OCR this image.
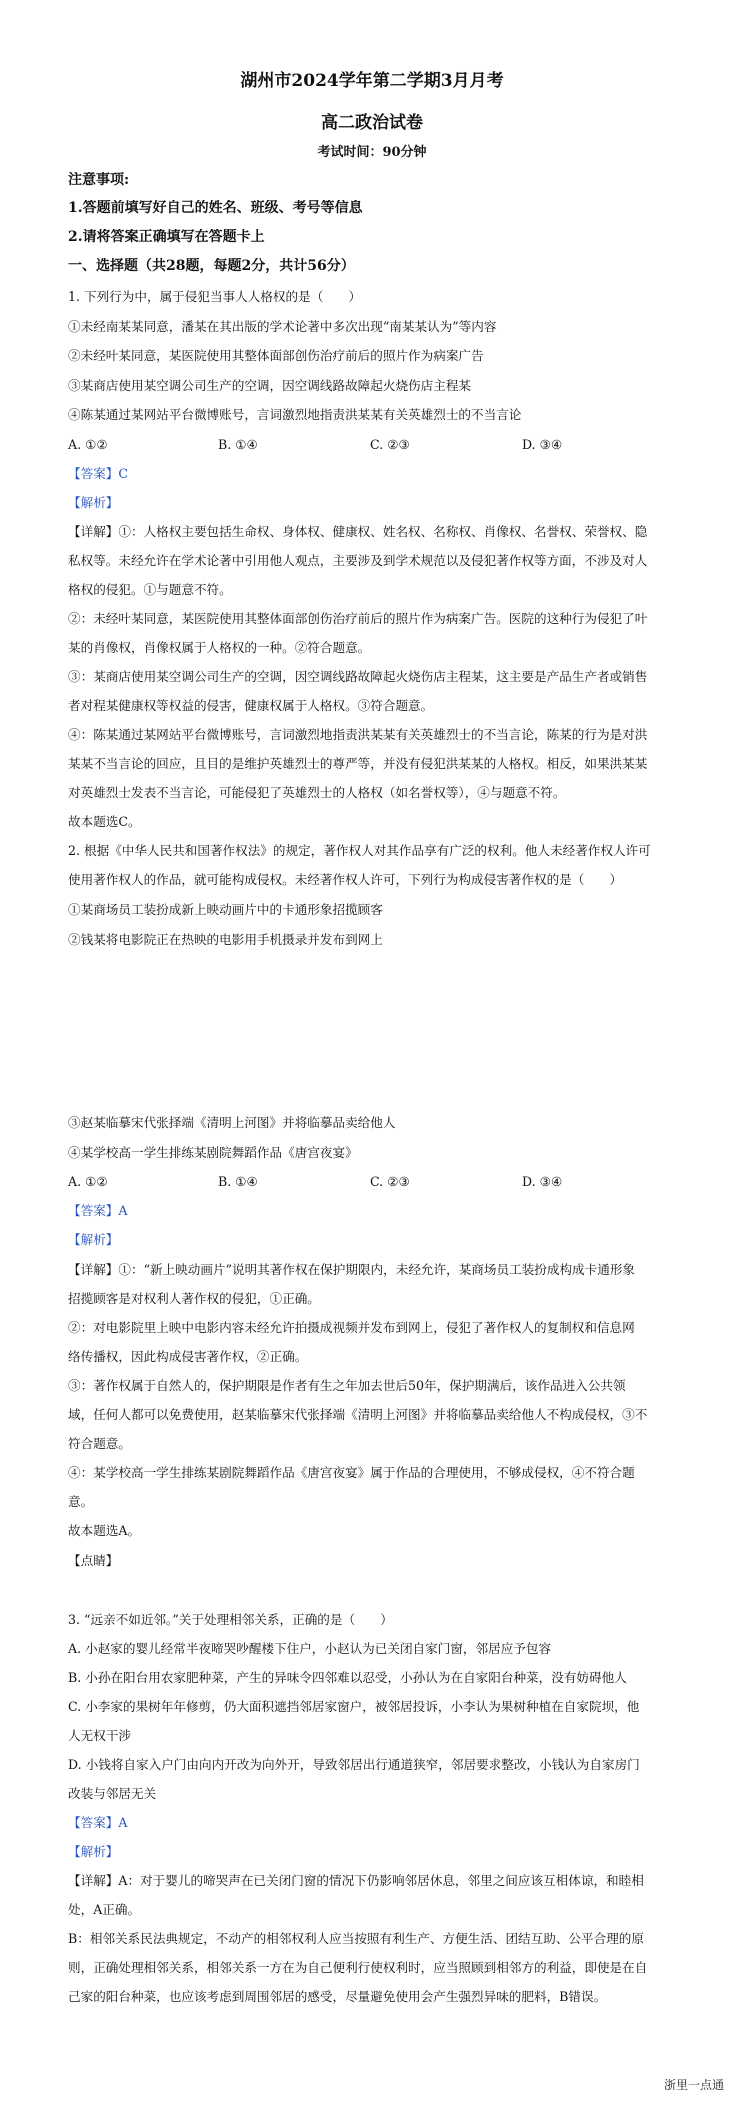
湖州市2024学年第二学期3月月考
高二政治试卷
考试时间：90分钟
注意事项:
1.答题前填写好自己的姓名、班级、考号等信息
2.请将答案正确填写在答题卡上
一、选择题（共28题，每题2分，共计56分）
1. 下列行为中，属于侵犯当事人人格权的是（　　）
①未经南某某同意，潘某在其出版的学术论著中多次出现“南某某认为”等内容
②未经叶某同意，某医院使用其整体面部创伤治疗前后的照片作为病案广告
③某商店使用某空调公司生产的空调，因空调线路故障起火烧伤店主程某
④陈某通过某网站平台微博账号，言词激烈地指责洪某某有关英雄烈士的不当言论
A. ①②	B. ①④	C. ②③	D. ③④
【答案】C
【解析】
【详解】①：人格权主要包括生命权、身体权、健康权、姓名权、名称权、肖像权、名誉权、荣誉权、隐
私权等。未经允许在学术论著中引用他人观点，主要涉及到学术规范以及侵犯著作权等方面，不涉及对人
格权的侵犯。①与题意不符。
②：未经叶某同意，某医院使用其整体面部创伤治疗前后的照片作为病案广告。医院的这种行为侵犯了叶
某的肖像权，肖像权属于人格权的一种。②符合题意。
③：某商店使用某空调公司生产的空调，因空调线路故障起火烧伤店主程某，这主要是产品生产者或销售
者对程某健康权等权益的侵害，健康权属于人格权。③符合题意。
④：陈某通过某网站平台微博账号，言词激烈地指责洪某某有关英雄烈士的不当言论，陈某的行为是对洪
某某不当言论的回应，且目的是维护英雄烈士的尊严等，并没有侵犯洪某某的人格权。相反，如果洪某某
对英雄烈士发表不当言论，可能侵犯了英雄烈士的人格权（如名誉权等），④与题意不符。
故本题选C。
2. 根据《中华人民共和国著作权法》的规定，著作权人对其作品享有广泛的权利。他人未经著作权人许可
使用著作权人的作品，就可能构成侵权。未经著作权人许可，下列行为构成侵害著作权的是（　　）
①某商场员工装扮成新上映动画片中的卡通形象招揽顾客
②钱某将电影院正在热映的电影用手机摄录并发布到网上
③赵某临摹宋代张择端《清明上河图》并将临摹品卖给他人
④某学校高一学生排练某剧院舞蹈作品《唐宫夜宴》
A. ①②	B. ①④	C. ②③	D. ③④
【答案】A
【解析】
【详解】①：“新上映动画片”说明其著作权在保护期限内，未经允许，某商场员工装扮成构成卡通形象
招揽顾客是对权利人著作权的侵犯，①正确。
②：对电影院里上映中电影内容未经允许拍摄成视频并发布到网上，侵犯了著作权人的复制权和信息网
络传播权，因此构成侵害著作权，②正确。
③：著作权属于自然人的，保护期限是作者有生之年加去世后50年，保护期满后，该作品进入公共领
域，任何人都可以免费使用，赵某临摹宋代张择端《清明上河图》并将临摹品卖给他人不构成侵权，③不
符合题意。
④：某学校高一学生排练某剧院舞蹈作品《唐宫夜宴》属于作品的合理使用，不够成侵权，④不符合题
意。
故本题选A。
【点睛】
3. “远亲不如近邻。”关于处理相邻关系，正确的是（　　）
A. 小赵家的婴儿经常半夜啼哭吵醒楼下住户，小赵认为已关闭自家门窗，邻居应予包容
B. 小孙在阳台用农家肥种菜，产生的异味令四邻难以忍受，小孙认为在自家阳台种菜，没有妨碍他人
C. 小李家的果树年年修剪，仍大面积遮挡邻居家窗户，被邻居投诉，小李认为果树种植在自家院坝，他
人无权干涉
D. 小钱将自家入户门由向内开改为向外开，导致邻居出行通道狭窄，邻居要求整改，小钱认为自家房门
改装与邻居无关
【答案】A
【解析】
【详解】A：对于婴儿的啼哭声在已关闭门窗的情况下仍影响邻居休息，邻里之间应该互相体谅，和睦相
处，A正确。
B：相邻关系民法典规定，不动产的相邻权利人应当按照有利生产、方便生活、团结互助、公平合理的原
则，正确处理相邻关系，相邻关系一方在为自己便利行使权利时，应当照顾到相邻方的利益，即使是在自
己家的阳台种菜，也应该考虑到周围邻居的感受，尽量避免使用会产生强烈异味的肥料，B错误。
浙里一点通
